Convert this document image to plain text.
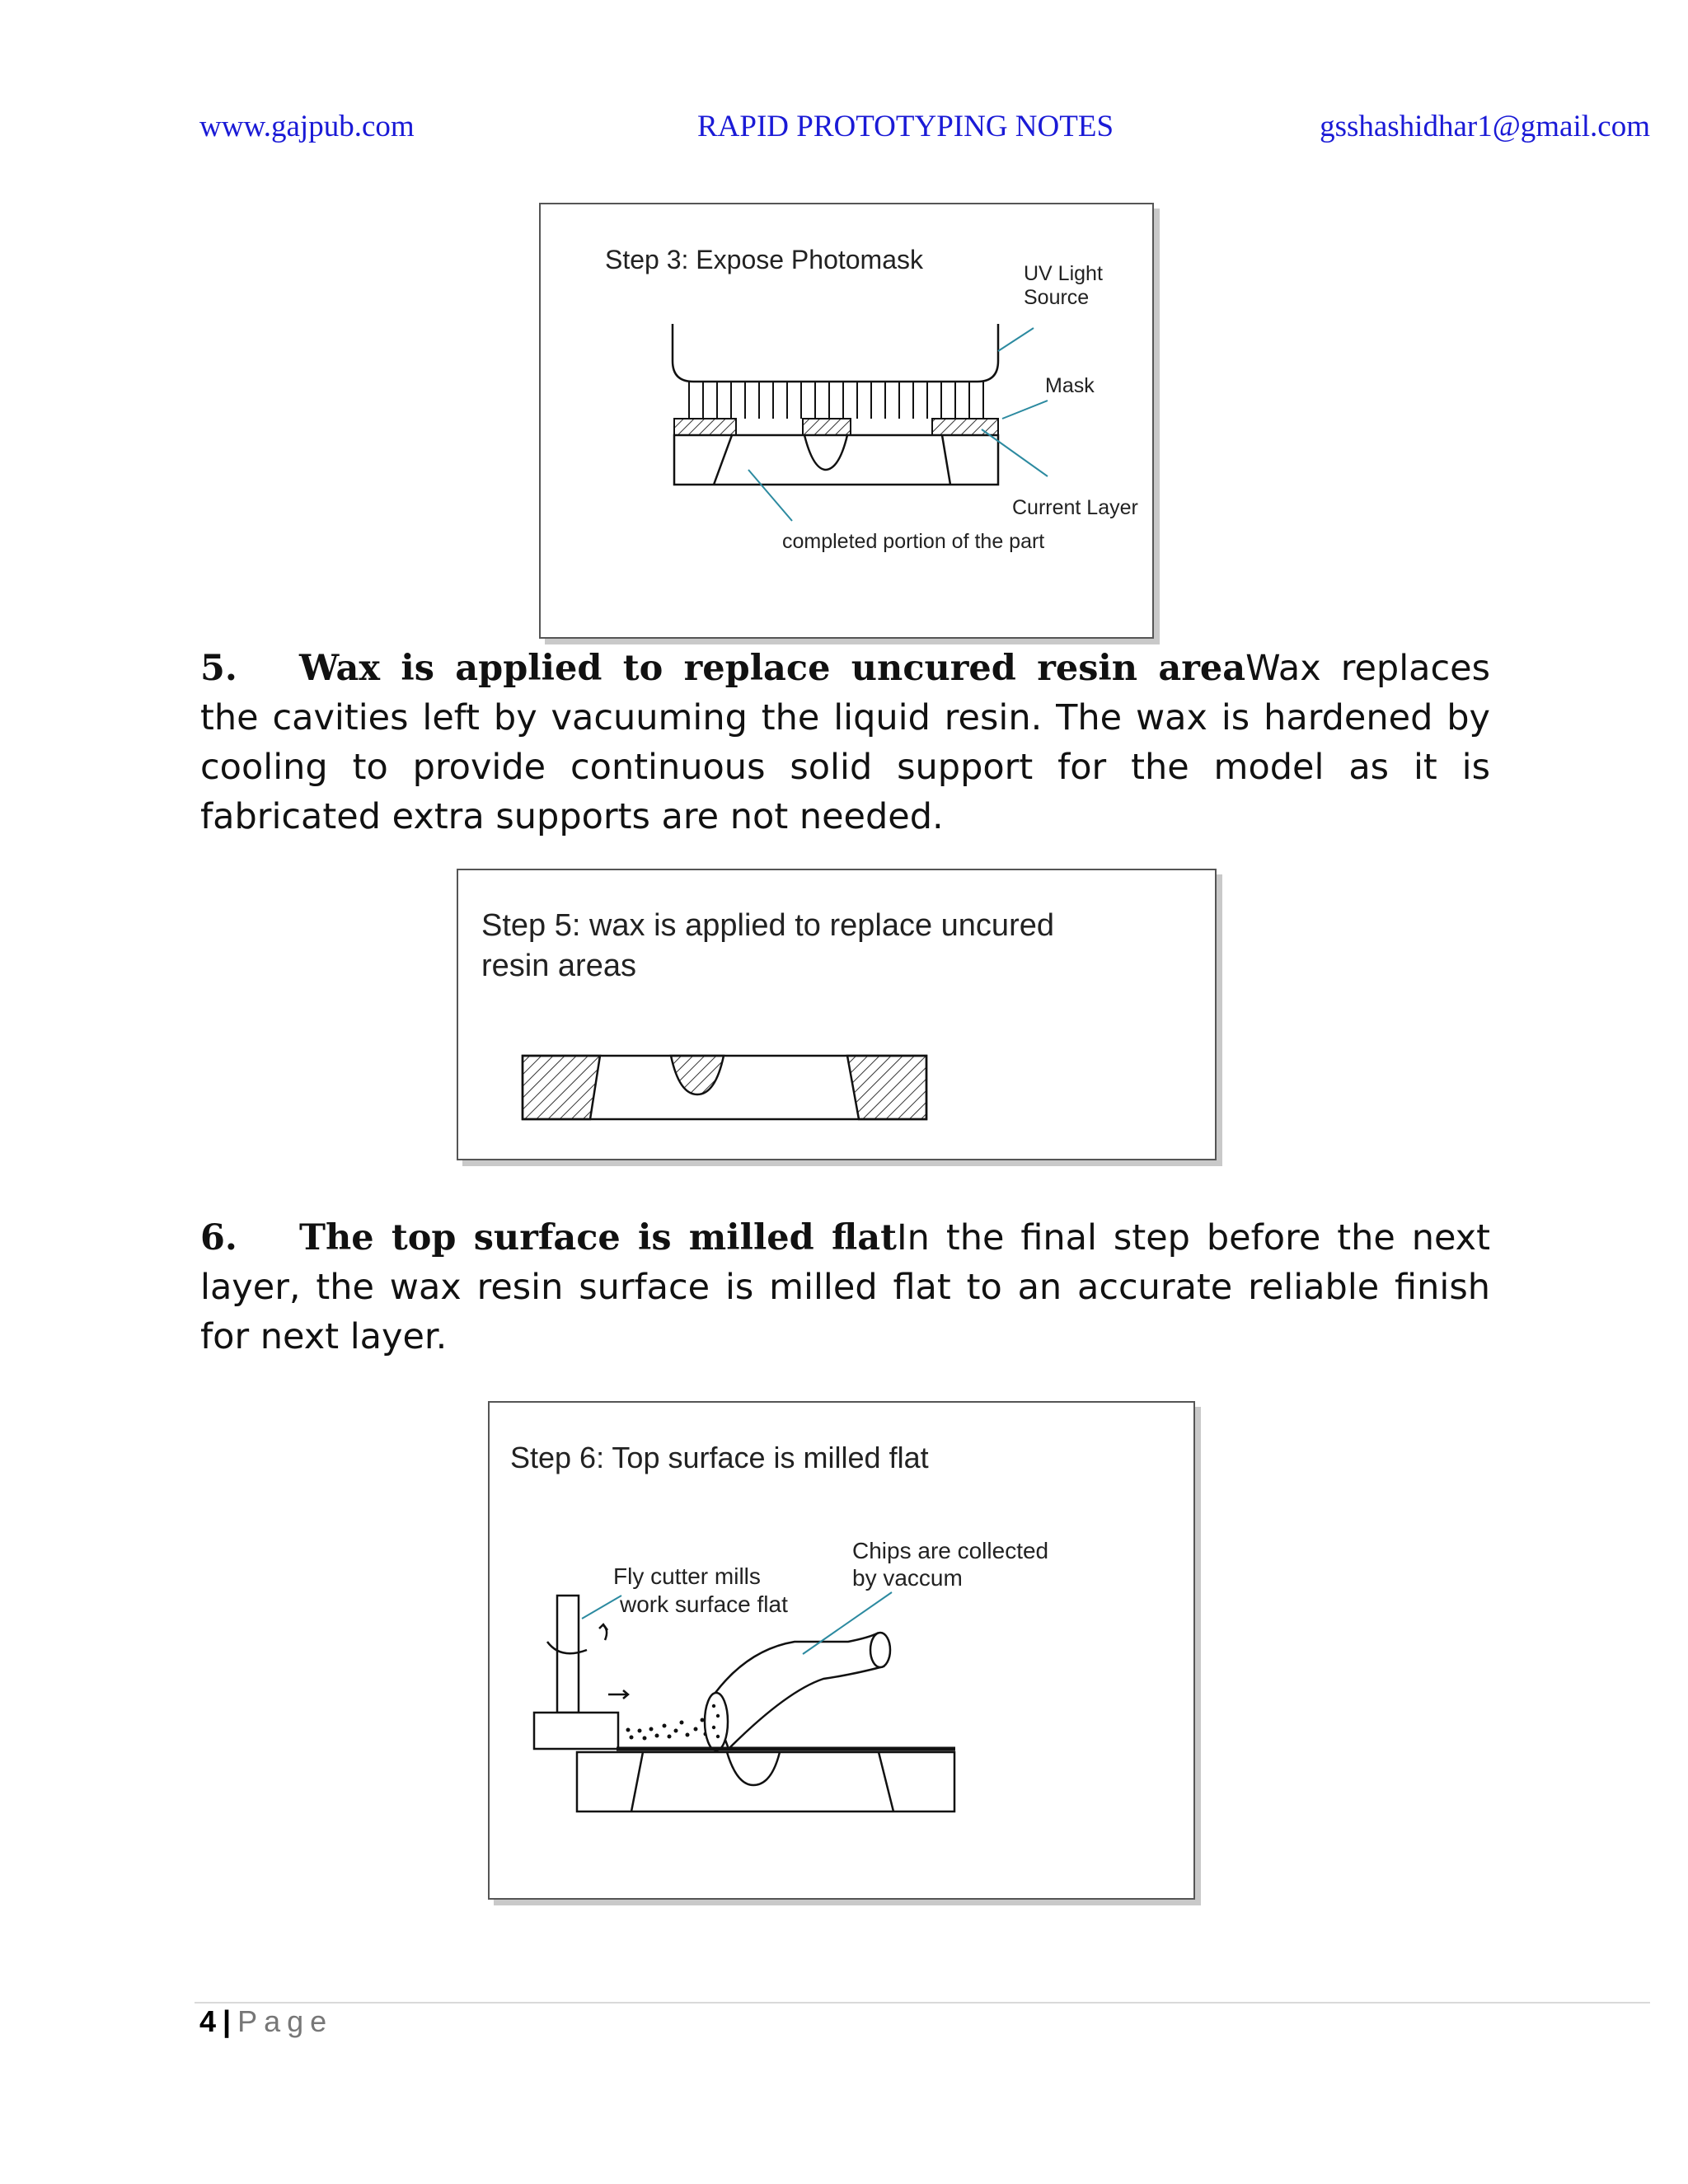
www.gajpub.com	RAPID PROTOTYPING NOTES	gsshashidhar1@gmail.com
Step 3: Expose Photomask	UV Light
Source
Mask
Current Layer
completed portion of the part
5. Wax is applied to replace uncured resin areaWax replaces the cavities left by vacuuming the liquid resin. The wax is hardened by cooling to provide continuous solid support for the model as it is fabricated extra supports are not needed.
Step 5: wax is applied to replace uncured
resin areas
6. The top surface is milled flatIn the final step before the next layer, the wax resin surface is milled flat to an accurate reliable finish for next layer.
Step 6: Top surface is milled flat
Fly cutter mills
work surface flat
Chips are collected
by vaccum
4 | Page
